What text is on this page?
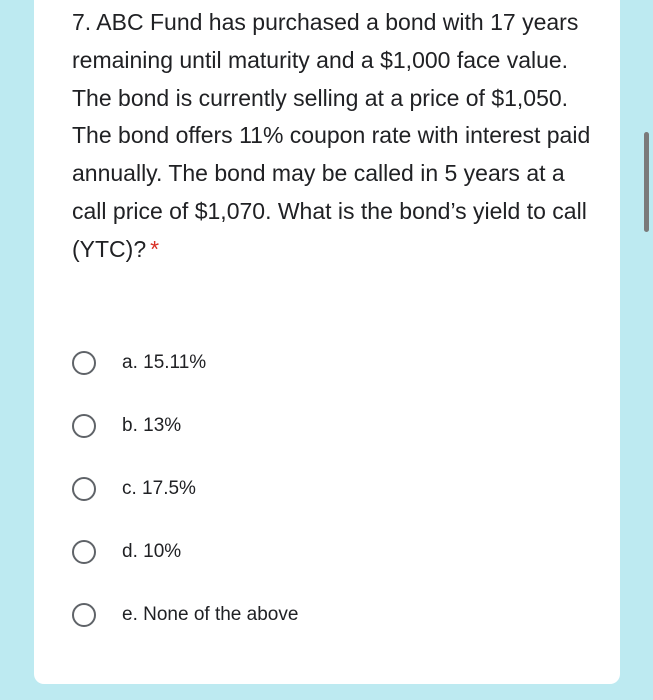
7. ABC Fund has purchased a bond with 17 years remaining until maturity and a $1,000 face value. The bond is currently selling at a price of $1,050. The bond offers 11% coupon rate with interest paid annually. The bond may be called in 5 years at a call price of $1,070. What is the bond’s yield to call (YTC)? *

a. 15.11%
b. 13%
c. 17.5%
d. 10%
e. None of the above
